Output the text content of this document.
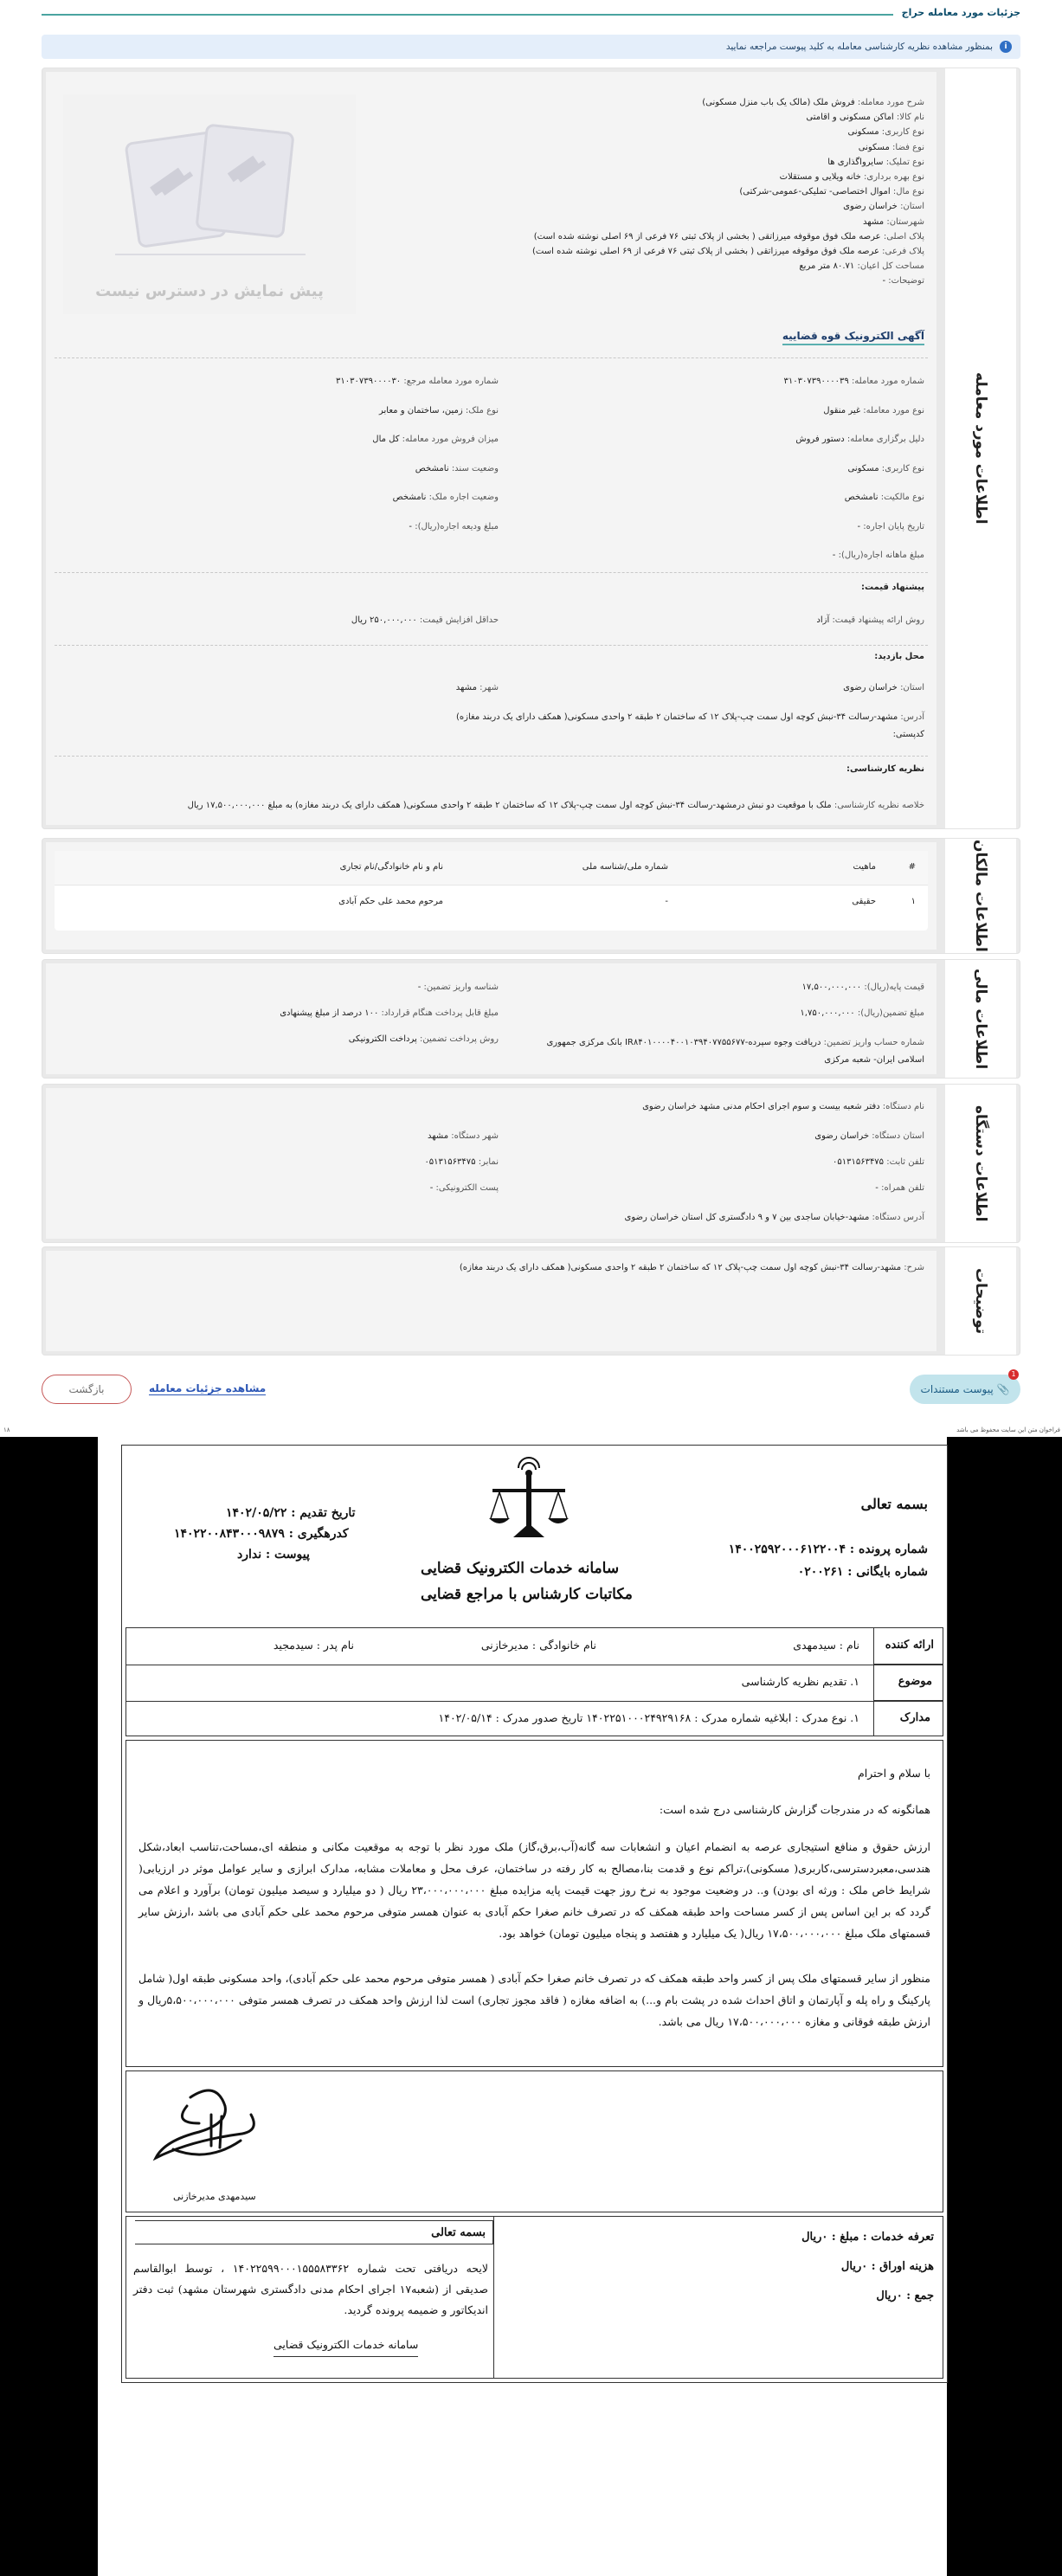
جزئیات مورد معامله حراج
i
بمنظور مشاهده نظریه کارشناسی معامله به کلید پیوست مراجعه نمایید
اطلاعات مورد معامله
شرح مورد معامله: فروش ملک (مالک یک باب منزل مسکونی)
نام کالا: اماکن مسکونی و اقامتی
نوع کاربری: مسکونی
نوع فضا: مسکونی
نوع تملیک: سایرواگذاری ها
نوع بهره برداری: خانه ویلایی و مستقلات
نوع مال: اموال اختصاصی- تملیکی-عمومی-شرکتی)
استان: خراسان رضوی
شهرستان: مشهد
پلاک اصلی: عرصه ملک فوق موقوفه میرزاتقی ( بخشی از پلاک ثبتی ۷۶ فرعی از ۶۹ اصلی نوشته شده است)
پلاک فرعی: عرصه ملک فوق موقوفه میرزاتقی ( بخشی از پلاک ثبتی ۷۶ فرعی از ۶۹ اصلی نوشته شده است)
مساحت کل اعیان: ۸۰.۷۱ متر مربع
توضیحات: -
پیش نمایش در دسترس نیست
آگهی الکترونیک قوه قضاییه
شماره مورد معامله: ۳۱۰۳۰۷۳۹۰۰۰۰۳۹
نوع مورد معامله: غیر منقول
دلیل برگزاری معامله: دستور فروش
نوع کاربری: مسکونی
نوع مالکیت: نامشخص
تاریخ پایان اجاره: -
مبلغ ماهانه اجاره(ریال): -
شماره مورد معامله مرجع: ۳۱۰۳۰۷۳۹۰۰۰۰۳۰
نوع ملک: زمین، ساختمان و معابر
میزان فروش مورد معامله: کل مال
وضعیت سند: نامشخص
وضعیت اجاره ملک: نامشخص
مبلغ ودیعه اجاره(ریال): -
پیشنهاد قیمت:
روش ارائه پیشنهاد قیمت: آزاد
حداقل افزایش قیمت: ۲۵۰,۰۰۰,۰۰۰ ریال
محل بازدید:
استان: خراسان رضوی
شهر: مشهد
آدرس: مشهد-رسالت ۳۴-نبش کوچه اول سمت چپ-پلاک ۱۲ که ساختمان ۲ طبقه ۲ واحدی مسکونی( همکف دارای یک دربند مغازه)
کدپستی:
نظریه کارشناسی:
خلاصه نظریه کارشناسی: ملک با موقعیت دو نبش درمشهد-رسالت ۳۴-نبش کوچه اول سمت چپ-پلاک ۱۲ که ساختمان ۲ طبقه ۲ واحدی مسکونی( همکف دارای یک دربند مغازه) به مبلغ ۱۷,۵۰۰,۰۰۰,۰۰۰ ریال
اطلاعات مالکان
#
ماهیت
شماره ملی/شناسه ملی
نام و نام خانوادگی/نام تجاری
۱
حقیقی
-
مرحوم محمد علی حکم آبادی
اطلاعات مالی
قیمت پایه(ریال): ۱۷,۵۰۰,۰۰۰,۰۰۰
مبلغ تضمین(ریال): ۱,۷۵۰,۰۰۰,۰۰۰
شماره حساب واریز تضمین: دریافت وجوه سپرده-IR۸۴۰۱۰۰۰۰۴۰۰۱۰۳۹۴۰۷۷۵۵۶۷۷ بانک مرکزی جمهوری اسلامی ایران- شعبه مرکزی
شناسه واریز تضمین: -
مبلغ قابل پرداخت هنگام قرارداد: ۱۰۰ درصد از مبلغ پیشنهادی
روش پرداخت تضمین: پرداخت الکترونیکی
اطلاعات دستگاه
نام دستگاه: دفتر شعبه بیست و سوم اجرای احکام مدنی مشهد خراسان رضوی
استان دستگاه: خراسان رضوی
تلفن ثابت: ۰۵۱۳۱۵۶۳۴۷۵
تلفن همراه: -
شهر دستگاه: مشهد
نمابر: ۰۵۱۳۱۵۶۳۴۷۵
پست الکترونیکی: -
آدرس دستگاه: مشهد-خیابان ساجدی بین ۷ و ۹ دادگستری کل استان خراسان رضوی
توضیحات
شرح: مشهد-رسالت ۳۴-نبش کوچه اول سمت چپ-پلاک ۱۲ که ساختمان ۲ طبقه ۲ واحدی مسکونی( همکف دارای یک دربند مغازه)
1
📎 پیوست مستندات
مشاهده جزئیات معامله
بازگشت
فراخوان متن این سایت محفوظ می باشد
۱۸
بسمه تعالی
شماره پرونده : ۱۴۰۰۲۵۹۲۰۰۰۶۱۲۲۰۰۴
شماره بایگانی : ۰۲۰۰۲۶۱
سامانه خدمات الکترونیک قضایی
مکاتبات کارشناس با مراجع قضایی
تاریخ تقدیم : ۱۴۰۲/۰۵/۲۲
کدرهگیری : ۱۴۰۲۲۰۰۸۴۳۰۰۰۹۸۷۹
پیوست : ندارد
ارائه کننده
نام : سیدمهدی
نام خانوادگی : مدیرخازنی
نام پدر : سیدمجید
موضوع
۱. تقدیم نظریه کارشناسی
مدارک
۱. نوع مدرک : ابلاغیه شماره مدرک : ۱۴۰۲۲۵۱۰۰۰۲۴۹۲۹۱۶۸ تاریخ صدور مدرک : ۱۴۰۲/۰۵/۱۴
با سلام و احترام
همانگونه که در مندرجات گزارش کارشناسی درج شده است:
ارزش حقوق و منافع استیجاری عرصه به انضمام اعیان و انشعابات سه گانه(آب،برق،گاز) ملک مورد نظر با توجه به موقعیت مکانی و منطقه ای،مساحت،تناسب ابعاد،شکل هندسی،معبردسترسی،کاربری( مسکونی)،تراکم نوع و قدمت بنا،مصالح به کار رفته در ساختمان، عرف محل و معاملات مشابه، مدارک ابرازی و سایر عوامل موثر در ارزیابی( شرایط خاص ملک : ورثه ای بودن) و.. در وضعیت موجود به نرخ روز جهت قیمت پایه مزایده مبلغ ۲۳،۰۰۰،۰۰۰،۰۰۰ ریال ( دو میلیارد و سیصد میلیون تومان) برآورد و اعلام می گردد که بر این اساس پس از کسر مساحت واحد طبقه همکف که در تصرف خانم صغرا حکم آبادی به عنوان همسر متوفی مرحوم محمد علی حکم آبادی می باشد ،ارزش سایر قسمتهای ملک مبلغ ۱۷،۵۰۰،۰۰۰،۰۰۰ ریال( یک میلیارد و هفتصد و پنجاه میلیون تومان) خواهد بود.
منظور از سایر قسمتهای ملک پس از کسر واحد طبقه همکف که در تصرف خانم صغرا حکم آبادی ( همسر متوفی مرحوم محمد علی حکم آبادی)، واحد مسکونی طبقه اول( شامل پارکینگ و راه پله و آپارتمان و اتاق احداث شده در پشت بام و...) به اضافه مغازه ( فاقد مجوز تجاری) است لذا ارزش واحد همکف در تصرف همسر متوفی ۵،۵۰۰،۰۰۰،۰۰۰ریال و ارزش طبقه فوقانی و مغازه ۱۷،۵۰۰،۰۰۰،۰۰۰ ریال می باشد.
سیدمهدی مدیرخازنی
تعرفه خدمات : مبلغ : ۰ریال
هزینه اوراق : ۰ریال
جمع : ۰ریال
بسمه تعالی
لایحه دریافتی تحت شماره ۱۴۰۲۲۵۹۹۰۰۰۱۵۵۵۸۳۳۶۲ ، توسط ابوالقاسم صدیقی از (شعبه۱۷ اجرای احکام مدنی دادگستری شهرستان مشهد) ثبت دفتر اندیکاتور و ضمیمه پرونده گردید.
سامانه خدمات الکترونیک قضایی
